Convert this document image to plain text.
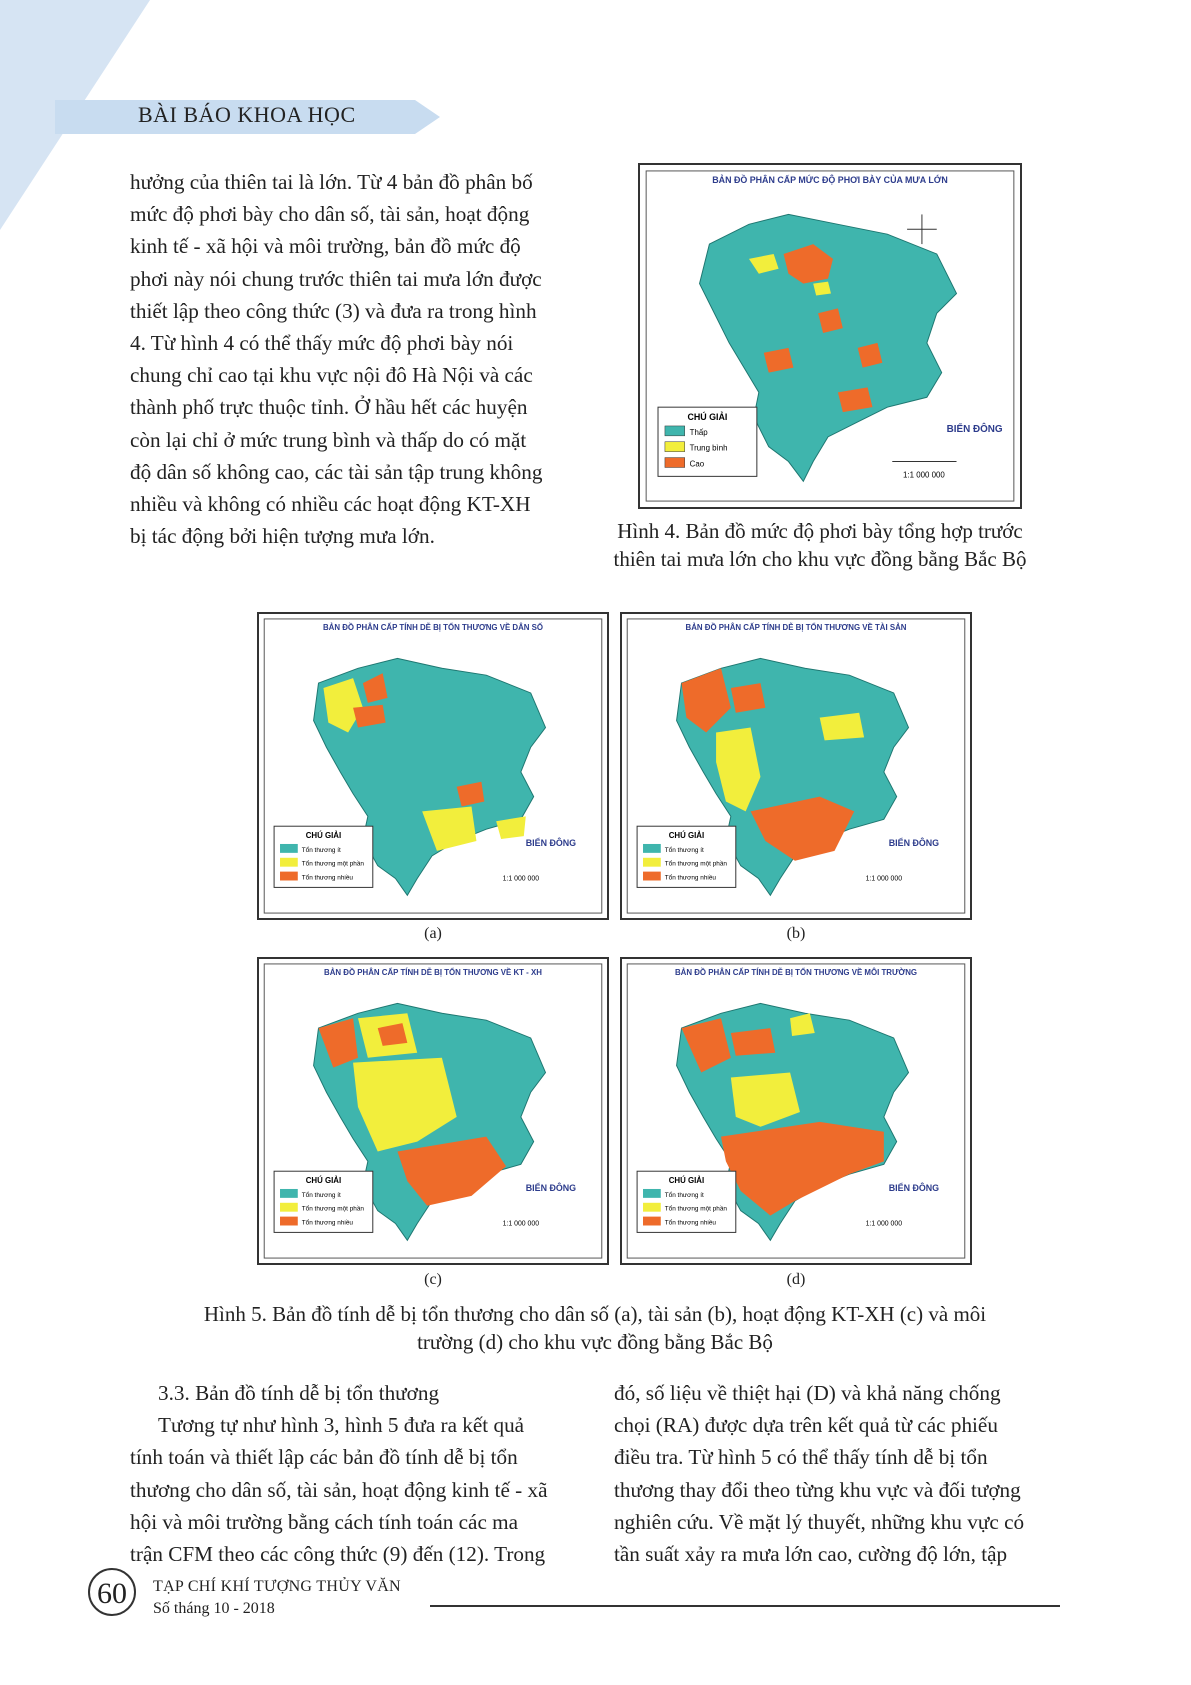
BÀI BÁO KHOA HỌC
hưởng của thiên tai là lớn. Từ 4 bản đồ phân bố
mức độ phơi bày cho dân số, tài sản, hoạt động
kinh tế - xã hội và môi trường, bản đồ mức độ
phơi này nói chung trước thiên tai mưa lớn được
thiết lập theo công thức (3) và đưa ra trong hình
4. Từ hình 4 có thể thấy mức độ phơi bày nói
chung chỉ cao tại khu vực nội đô Hà Nội và các
thành phố trực thuộc tỉnh. Ở hầu hết các huyện
còn lại chỉ ở mức trung bình và thấp do có mặt
độ dân số không cao, các tài sản tập trung không
nhiều và không có nhiều các hoạt động KT-XH
bị tác động bởi hiện tượng mưa lớn.
BẢN ĐỒ PHÂN CẤP MỨC ĐỘ PHƠI BÀY CỦA MƯA LỚN
CHÚ GIẢI
Thấp
Trung bình
Cao
BIỂN ĐÔNG
1:1 000 000
Hình 4. Bản đồ mức độ phơi bày tổng hợp trước
thiên tai mưa lớn cho khu vực đồng bằng Bắc Bộ
BẢN ĐỒ PHÂN CẤP TÍNH DỄ BỊ TỔN THƯƠNG VỀ DÂN SỐ
CHÚ GIẢI
Tổn thương ít
Tổn thương một phần
Tổn thương nhiều
BIỂN ĐÔNG
1:1 000 000
(a)
BẢN ĐỒ PHÂN CẤP TÍNH DỄ BỊ TỔN THƯƠNG VỀ TÀI SẢN
CHÚ GIẢI
Tổn thương ít
Tổn thương một phần
Tổn thương nhiều
BIỂN ĐÔNG
1:1 000 000
(b)
BẢN ĐỒ PHÂN CẤP TÍNH DỄ BỊ TỔN THƯƠNG VỀ KT - XH
CHÚ GIẢI
Tổn thương ít
Tổn thương một phần
Tổn thương nhiều
BIỂN ĐÔNG
1:1 000 000
(c)
BẢN ĐỒ PHÂN CẤP TÍNH DỄ BỊ TỔN THƯƠNG VỀ MÔI TRƯỜNG
CHÚ GIẢI
Tổn thương ít
Tổn thương một phần
Tổn thương nhiều
BIỂN ĐÔNG
1:1 000 000
(d)
Hình 5. Bản đồ tính dễ bị tổn thương cho dân số (a), tài sản (b), hoạt động KT-XH (c) và môi
trường (d) cho khu vực đồng bằng Bắc Bộ
3.3. Bản đồ tính dễ bị tổn thương
Tương tự như hình 3, hình 5 đưa ra kết quả
tính toán và thiết lập các bản đồ tính dễ bị tổn
thương cho dân số, tài sản, hoạt động kinh tế - xã
hội và môi trường bằng cách tính toán các ma
trận CFM theo các công thức (9) đến (12). Trong
đó, số liệu về thiệt hại (D) và khả năng chống
chọi (RA) được dựa trên kết quả từ các phiếu
điều tra. Từ hình 5 có thể thấy tính dễ bị tổn
thương thay đổi theo từng khu vực và đối tượng
nghiên cứu. Về mặt lý thuyết, những khu vực có
tần suất xảy ra mưa lớn cao, cường độ lớn, tập
60	TẠP CHÍ KHÍ TƯỢNG THỦY VĂN
Số tháng 10 - 2018
